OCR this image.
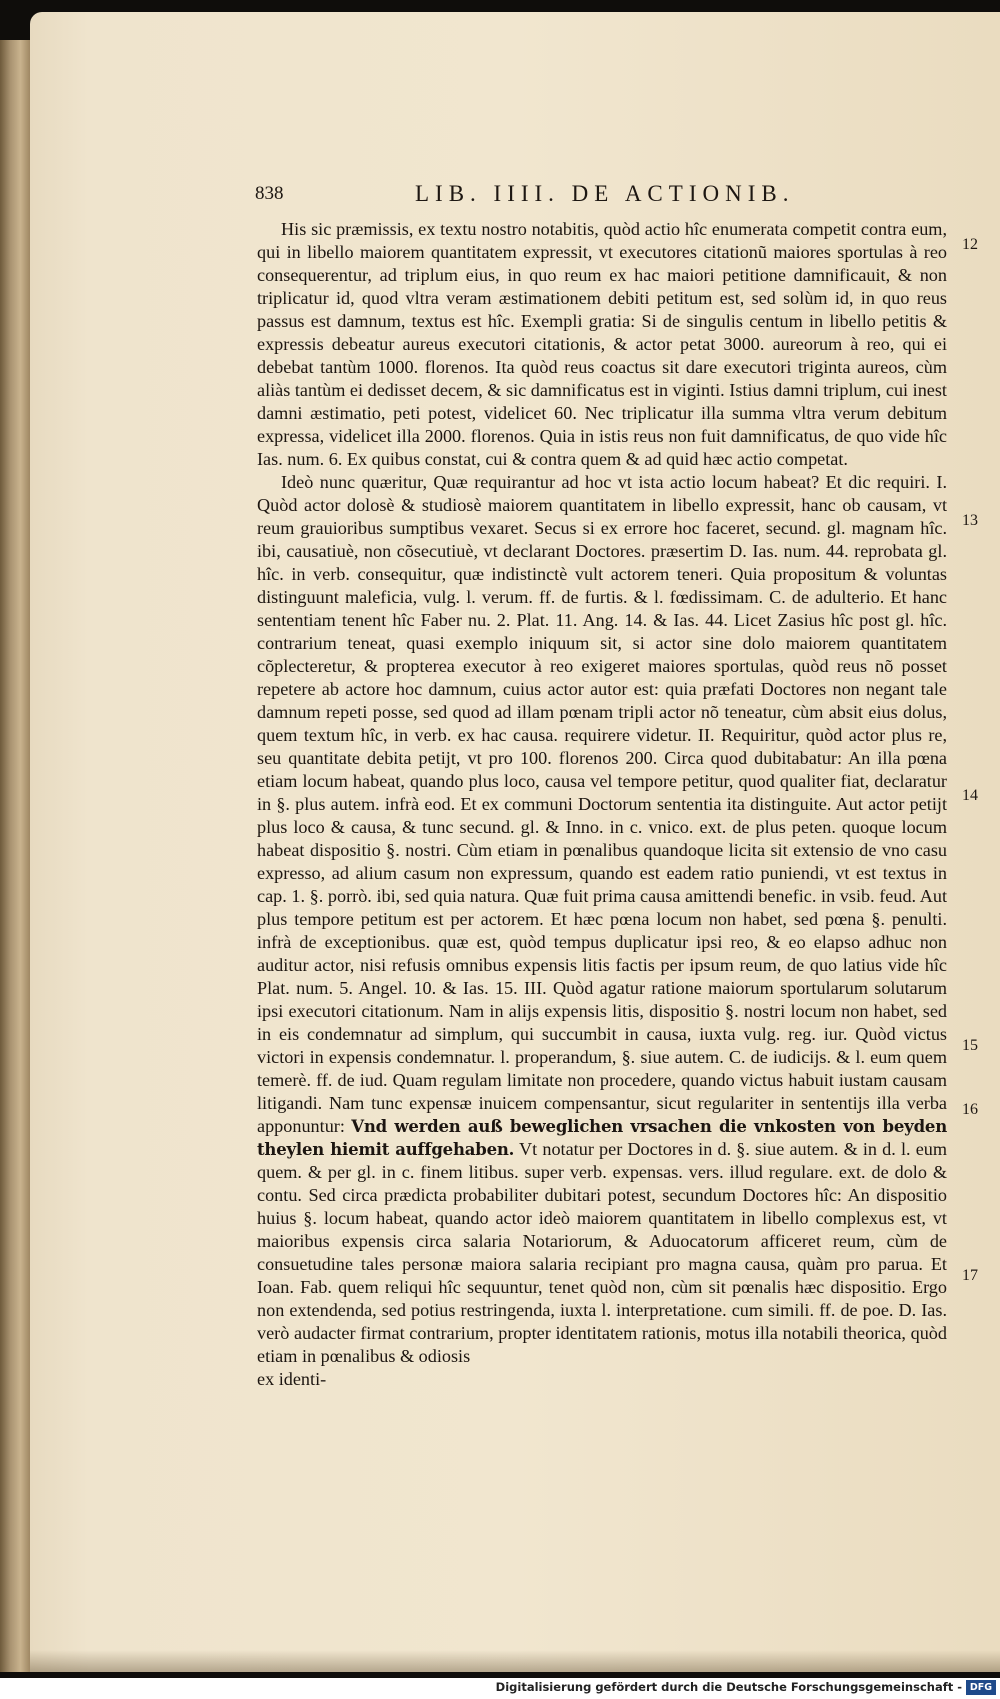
838	LIB. IIII. DE ACTIONIB.

His sic præmissis, ex textu nostro notabitis, quòd actio hîc enumerata competit contra eum, qui in libello maiorem quantitatem expressit, vt executores citationũ maiores sportulas à reo consequerentur, ad triplum eius, in quo reum ex hac maiori petitione damnificauit, & non triplicatur id, quod vltra veram æstimationem debiti petitum est, sed solùm id, in quo reus passus est damnum, textus est hîc. Exempli gratia: Si de singulis centum in libello petitis & expressis debeatur aureus executori citationis, & actor petat 3000. aureorum à reo, qui ei debebat tantùm 1000. florenos. Ita quòd reus coactus sit dare executori triginta aureos, cùm aliàs tantùm ei dedisset decem, & sic damnificatus est in viginti. Istius damni triplum, cui inest damni æstimatio, peti potest, videlicet 60. Nec triplicatur illa summa vltra verum debitum expressa, videlicet illa 2000. florenos. Quia in istis reus non fuit damnificatus, de quo vide hîc Ias. num. 6. Ex quibus constat, cui & contra quem & ad quid hæc actio competat.

Ideò nunc quæritur, Quæ requirantur ad hoc vt ista actio locum habeat? Et dic requiri. I. Quòd actor dolosè & studiosè maiorem quantitatem in libello expressit, hanc ob causam, vt reum grauioribus sumptibus vexaret. Secus si ex errore hoc faceret, secund. gl. magnam hîc. ibi, causatiuè, non cõsecutiuè, vt declarant Doctores. præsertim D. Ias. num. 44. reprobata gl. hîc. in verb. consequitur, quæ indistinctè vult actorem teneri. Quia propositum & voluntas distinguunt maleficia, vulg. l. verum. ff. de furtis. & l. fœdissimam. C. de adulterio. Et hanc sententiam tenent hîc Faber nu. 2. Plat. 11. Ang. 14. & Ias. 44. Licet Zasius hîc post gl. hîc. contrarium teneat, quasi exemplo iniquum sit, si actor sine dolo maiorem quantitatem cõplecteretur, & propterea executor à reo exigeret maiores sportulas, quòd reus nõ posset repetere ab actore hoc damnum, cuius actor autor est: quia præfati Doctores non negant tale damnum repeti posse, sed quod ad illam pœnam tripli actor nõ teneatur, cùm absit eius dolus, quem textum hîc, in verb. ex hac causa. requirere videtur. II. Requiritur, quòd actor plus re, seu quantitate debita petijt, vt pro 100. florenos 200. Circa quod dubitabatur: An illa pœna etiam locum habeat, quando plus loco, causa vel tempore petitur, quod qualiter fiat, declaratur in §. plus autem. infrà eod. Et ex communi Doctorum sententia ita distinguite. Aut actor petijt plus loco & causa, & tunc secund. gl. & Inno. in c. vnico. ext. de plus peten. quoque locum habeat dispositio §. nostri. Cùm etiam in pœnalibus quandoque licita sit extensio de vno casu expresso, ad alium casum non expressum, quando est eadem ratio puniendi, vt est textus in cap. 1. §. porrò. ibi, sed quia natura. Quæ fuit prima causa amittendi benefic. in vsib. feud. Aut plus tempore petitum est per actorem. Et hæc pœna locum non habet, sed pœna §. penulti. infrà de exceptionibus. quæ est, quòd tempus duplicatur ipsi reo, & eo elapso adhuc non auditur actor, nisi refusis omnibus expensis litis factis per ipsum reum, de quo latius vide hîc Plat. num. 5. Angel. 10. & Ias. 15. III. Quòd agatur ratione maiorum sportularum solutarum ipsi executori citationum. Nam in alijs expensis litis, dispositio §. nostri locum non habet, sed in eis condemnatur ad simplum, qui succumbit in causa, iuxta vulg. reg. iur. Quòd victus victori in expensis condemnatur. l. properandum, §. siue autem. C. de iudicijs. & l. eum quem temerè. ff. de iud. Quam regulam limitate non procedere, quando victus habuit iustam causam litigandi. Nam tunc expensæ inuicem compensantur, sicut regulariter in sententijs illa verba apponuntur: Vnd werden auß beweglichen vrsachen die vnkosten von beyden theylen hiemit auffgehaben. Vt notatur per Doctores in d. §. siue autem. & in d. l. eum quem. & per gl. in c. finem litibus. super verb. expensas. vers. illud regulare. ext. de dolo & contu. Sed circa prædicta probabiliter dubitari potest, secundum Doctores hîc: An dispositio huius §. locum habeat, quando actor ideò maiorem quantitatem in libello complexus est, vt maioribus expensis circa salaria Notariorum, & Aduocatorum afficeret reum, cùm de consuetudine tales personæ maiora salaria recipiant pro magna causa, quàm pro parua. Et Ioan. Fab. quem reliqui hîc sequuntur, tenet quòd non, cùm sit pœnalis hæc dispositio. Ergo non extendenda, sed potius restringenda, iuxta l. interpretatione. cum simili. ff. de poe. D. Ias. verò audacter firmat contrarium, propter identitatem rationis, motus illa notabili theorica, quòd etiam in pœnalibus & odiosis

ex identi-

12
13
14
15
16
17
Digitalisierung gefördert durch die Deutsche Forschungsgemeinschaft - DFG
